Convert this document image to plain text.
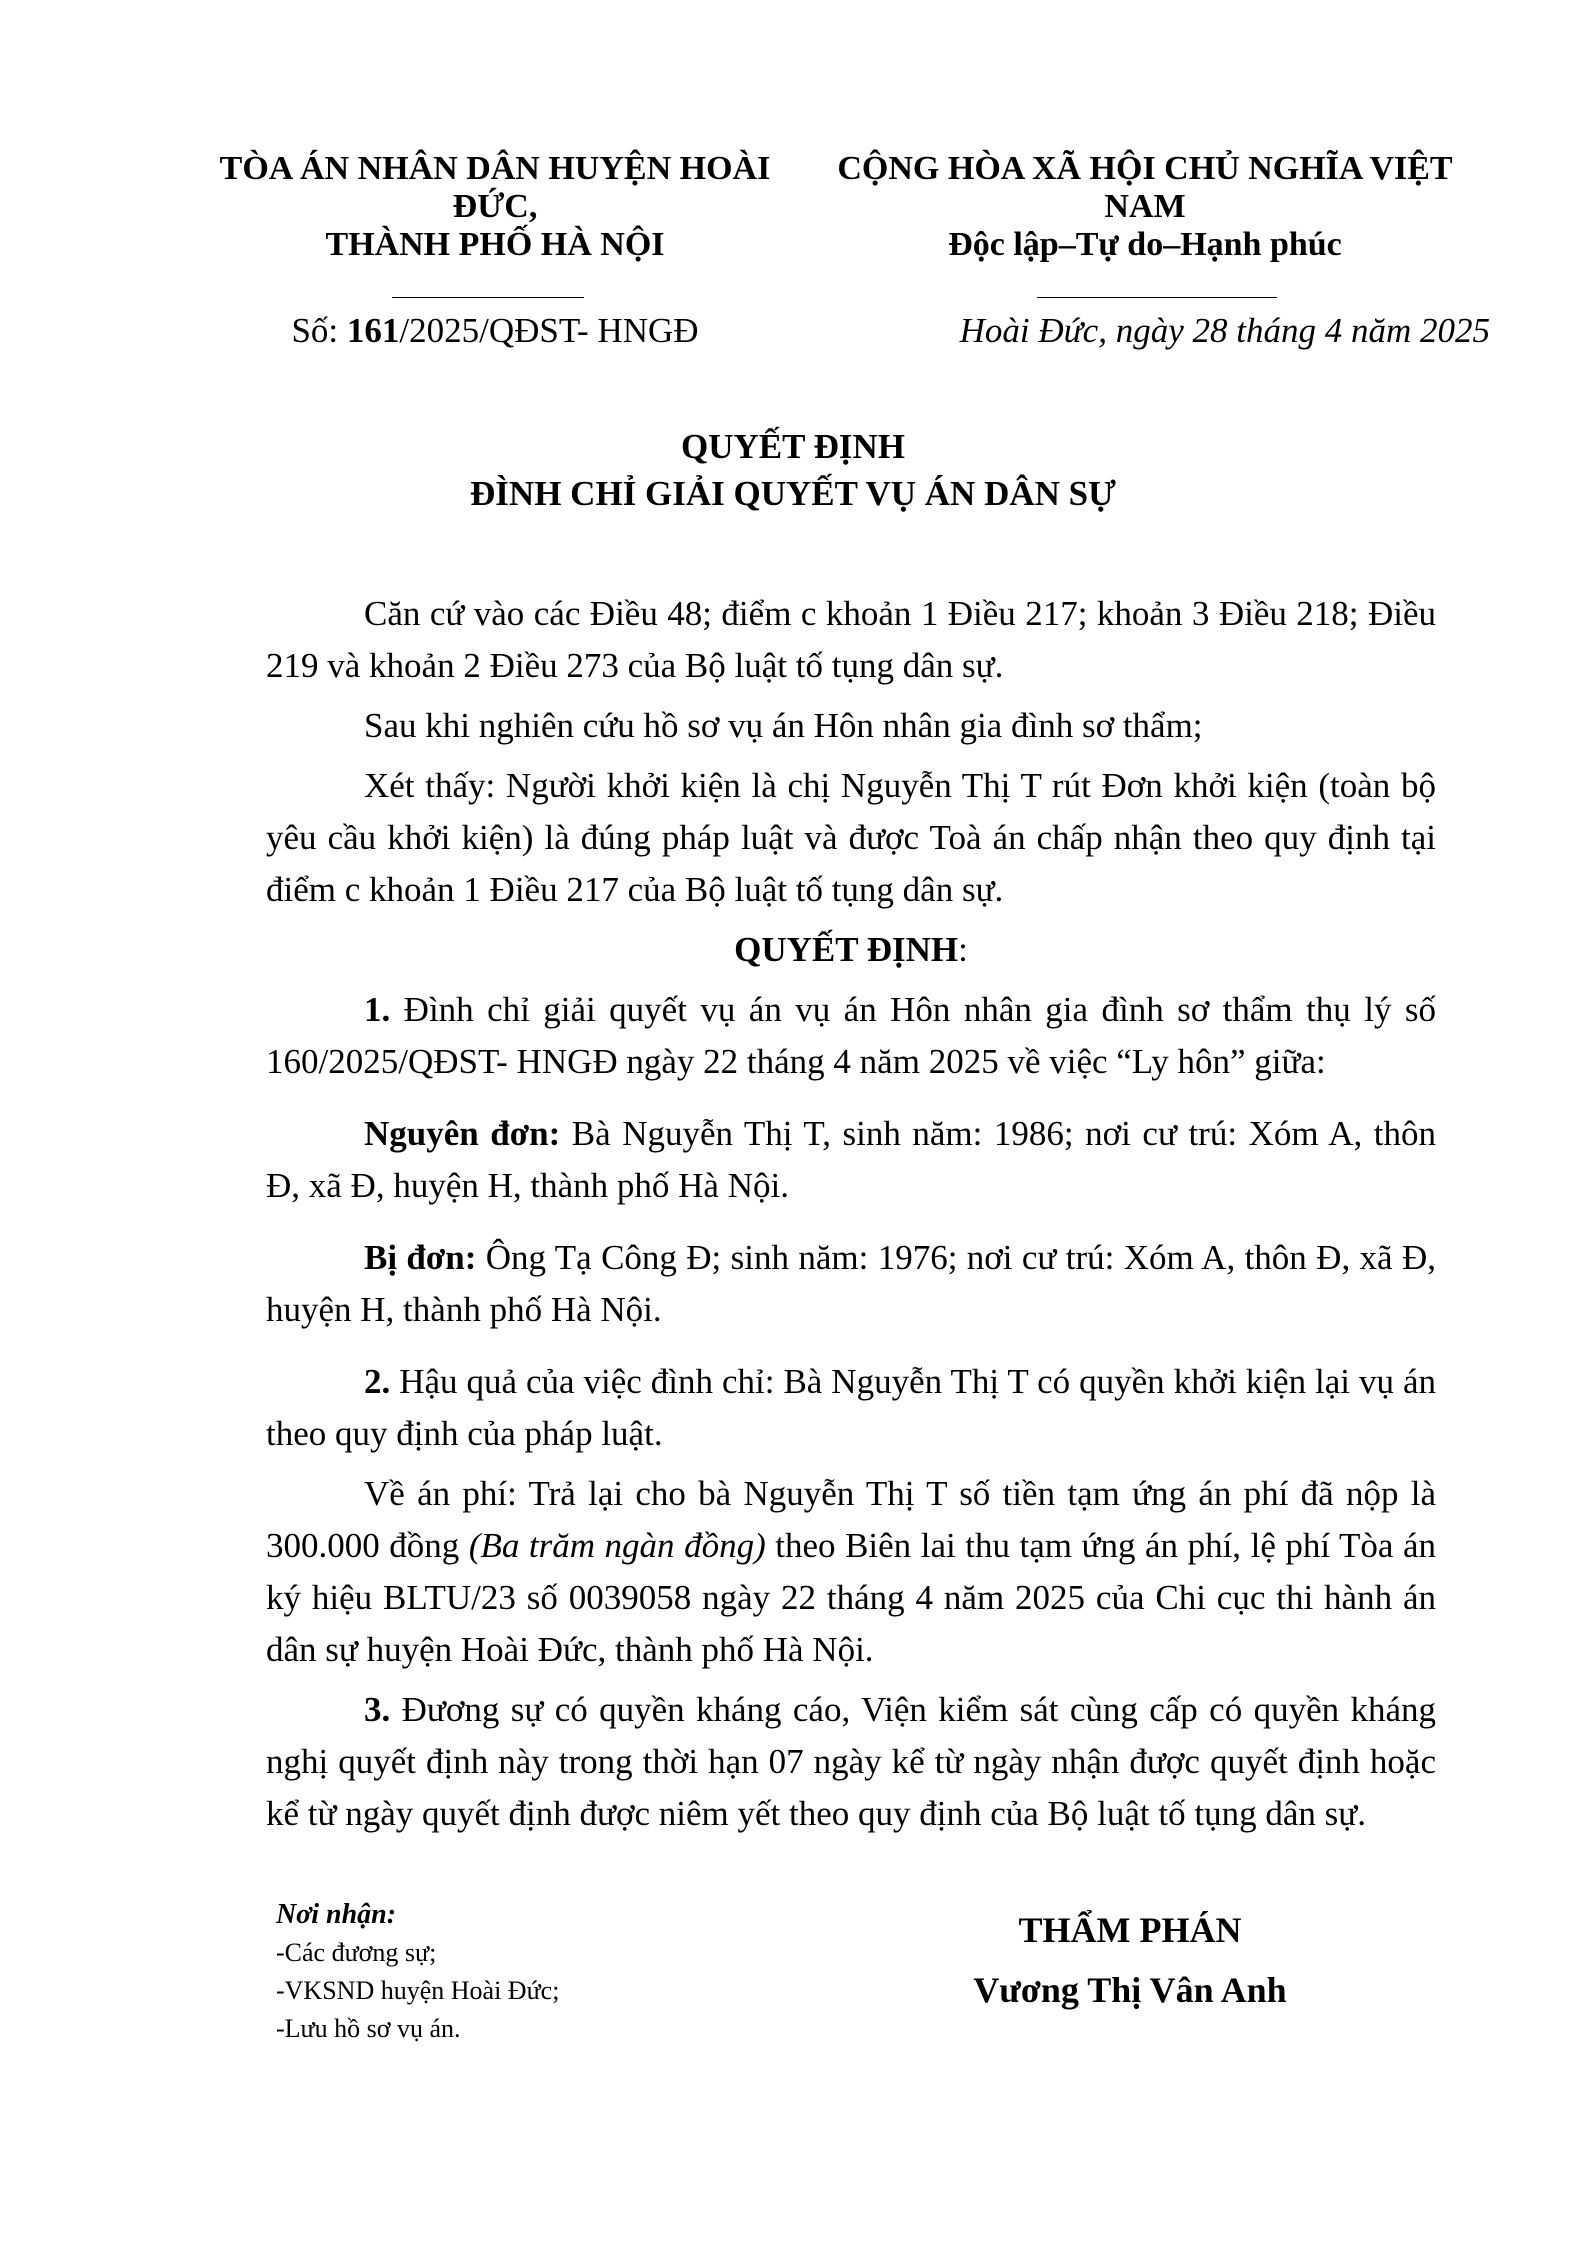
TÒA ÁN NHÂN DÂN HUYỆN HOÀI
ĐỨC,
THÀNH PHỐ HÀ NỘI
CỘNG HÒA XÃ HỘI CHỦ NGHĨA VIỆT
NAM
Độc lập–Tự do–Hạnh phúc
Số: 161/2025/QĐST- HNGĐ	Hoài Đức, ngày 28 tháng 4 năm 2025
QUYẾT ĐỊNH
ĐÌNH CHỈ GIẢI QUYẾT VỤ ÁN DÂN SỰ

Căn cứ vào các Điều 48; điểm c khoản 1 Điều 217; khoản 3 Điều 218; Điều 219 và khoản 2 Điều 273 của Bộ luật tố tụng dân sự.

Sau khi nghiên cứu hồ sơ vụ án Hôn nhân gia đình sơ thẩm;

Xét thấy: Người khởi kiện là chị Nguyễn Thị T rút Đơn khởi kiện (toàn bộ yêu cầu khởi kiện) là đúng pháp luật và được Toà án chấp nhận theo quy định tại điểm c khoản 1 Điều 217 của Bộ luật tố tụng dân sự.

QUYẾT ĐỊNH:

1. Đình chỉ giải quyết vụ án vụ án Hôn nhân gia đình sơ thẩm thụ lý số 160/2025/QĐST- HNGĐ ngày 22 tháng 4 năm 2025 về việc “Ly hôn” giữa:

Nguyên đơn: Bà Nguyễn Thị T, sinh năm: 1986; nơi cư trú: Xóm A, thôn Đ, xã Đ, huyện H, thành phố Hà Nội.

Bị đơn: Ông Tạ Công Đ; sinh năm: 1976; nơi cư trú: Xóm A, thôn Đ, xã Đ, huyện H, thành phố Hà Nội.

2. Hậu quả của việc đình chỉ: Bà Nguyễn Thị T có quyền khởi kiện lại vụ án theo quy định của pháp luật.

Về án phí: Trả lại cho bà Nguyễn Thị T số tiền tạm ứng án phí đã nộp là 300.000 đồng (Ba trăm ngàn đồng) theo Biên lai thu tạm ứng án phí, lệ phí Tòa án ký hiệu BLTU/23 số 0039058 ngày 22 tháng 4 năm 2025 của Chi cục thi hành án dân sự huyện Hoài Đức, thành phố Hà Nội.

3. Đương sự có quyền kháng cáo, Viện kiểm sát cùng cấp có quyền kháng nghị quyết định này trong thời hạn 07 ngày kể từ ngày nhận được quyết định hoặc kể từ ngày quyết định được niêm yết theo quy định của Bộ luật tố tụng dân sự.

Nơi nhận:
-Các đương sự;
-VKSND huyện Hoài Đức;
-Lưu hồ sơ vụ án.
THẨM PHÁN
Vương Thị Vân Anh
